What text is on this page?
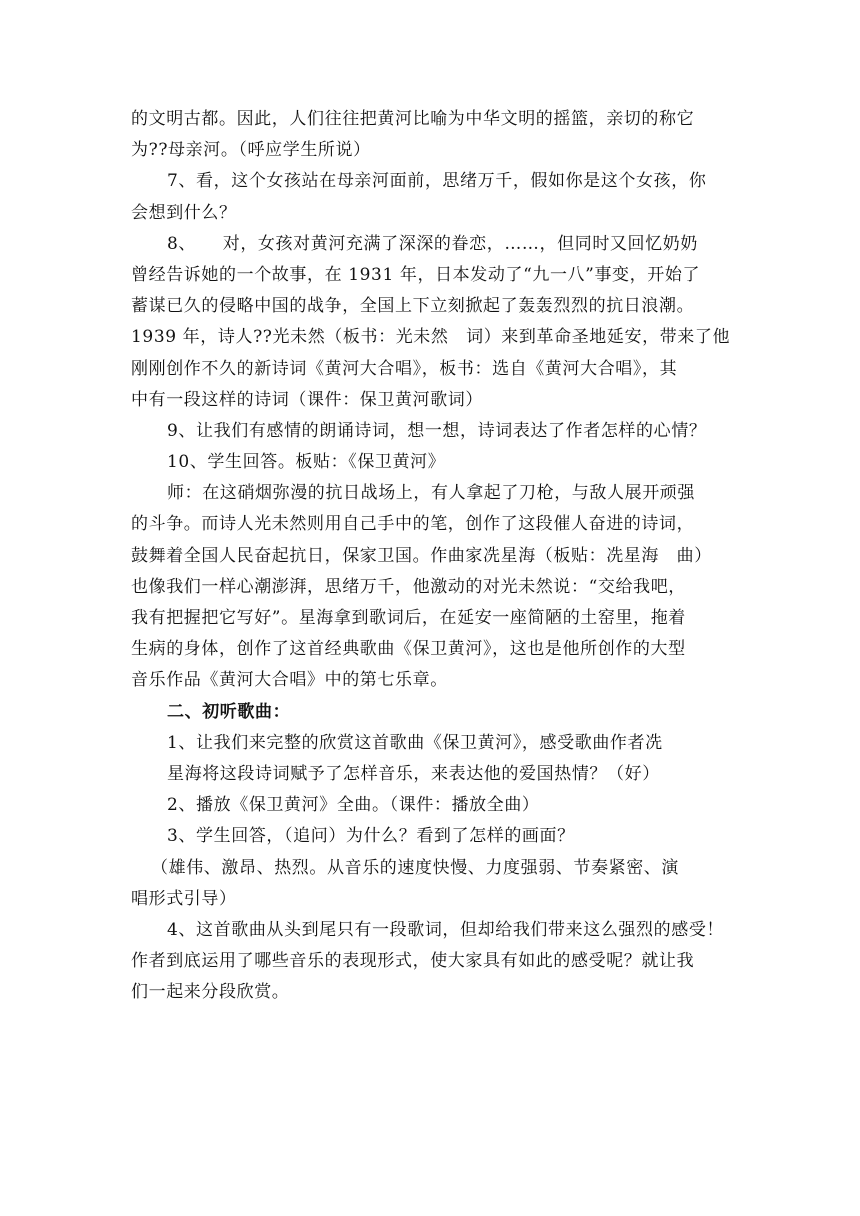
的文明古都。因此，人们往往把黄河比喻为中华文明的摇篮，亲切的称它
为??母亲河。（呼应学生所说）
7、看，这个女孩站在母亲河面前，思绪万千，假如你是这个女孩，你
会想到什么？
8、　　对，女孩对黄河充满了深深的眷恋，……，但同时又回忆奶奶
曾经告诉她的一个故事，在 1931 年，日本发动了“九一八”事变，开始了
蓄谋已久的侵略中国的战争，全国上下立刻掀起了轰轰烈烈的抗日浪潮。
1939 年，诗人??光未然（板书：光未然　词）来到革命圣地延安，带来了他
刚刚创作不久的新诗词《黄河大合唱》，板书：选自《黄河大合唱》，其
中有一段这样的诗词（课件：保卫黄河歌词）
9、让我们有感情的朗诵诗词，想一想，诗词表达了作者怎样的心情？
10、学生回答。板贴：《保卫黄河》
师：在这硝烟弥漫的抗日战场上，有人拿起了刀枪，与敌人展开顽强
的斗争。而诗人光未然则用自己手中的笔，创作了这段催人奋进的诗词，
鼓舞着全国人民奋起抗日，保家卫国。作曲家冼星海（板贴：冼星海　曲）
也像我们一样心潮澎湃，思绪万千，他激动的对光未然说：“交给我吧，
我有把握把它写好”。星海拿到歌词后，在延安一座简陋的土窑里，拖着
生病的身体，创作了这首经典歌曲《保卫黄河》，这也是他所创作的大型
音乐作品《黄河大合唱》中的第七乐章。
二、初听歌曲：
1、让我们来完整的欣赏这首歌曲《保卫黄河》，感受歌曲作者冼
星海将这段诗词赋予了怎样音乐，来表达他的爱国热情？（好）
2、播放《保卫黄河》全曲。（课件：播放全曲）
3、学生回答，（追问）为什么？看到了怎样的画面？
（雄伟、激昂、热烈。从音乐的速度快慢、力度强弱、节奏紧密、演
唱形式引导）
4、这首歌曲从头到尾只有一段歌词，但却给我们带来这么强烈的感受！
作者到底运用了哪些音乐的表现形式，使大家具有如此的感受呢？就让我
们一起来分段欣赏。
